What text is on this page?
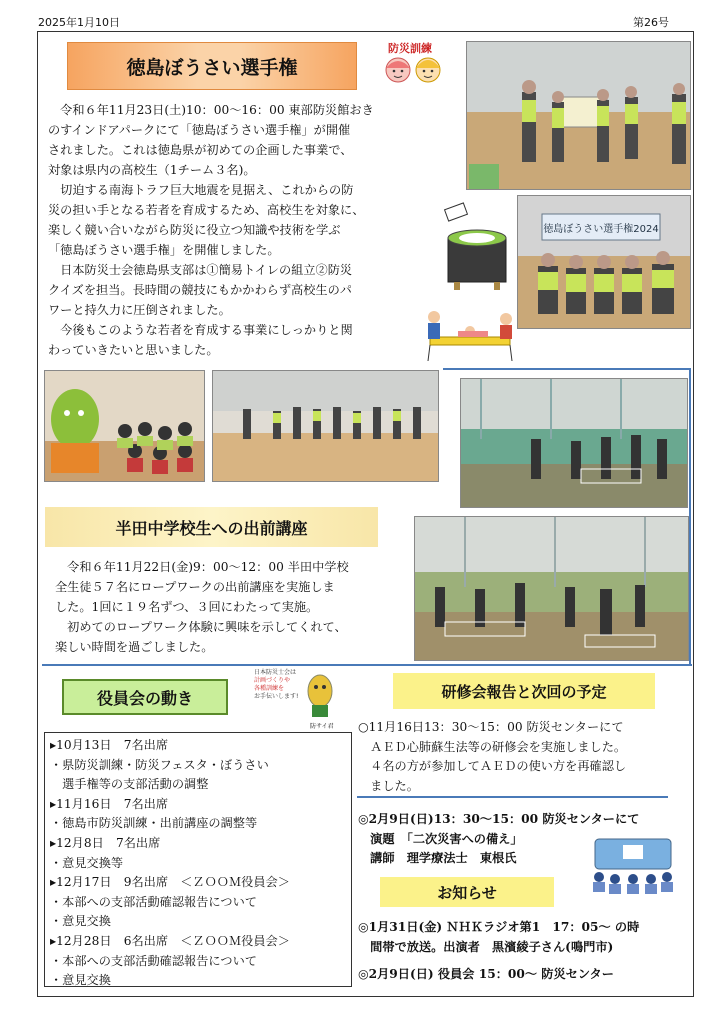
2025年1月10日	第26号
徳島ぼうさい選手権
防災訓練

　令和６年11月23日(土)10：00～16：00 東部防災館おき

のすインドアパークにて「徳島ぼうさい選手権」が開催

されました。これは徳島県が初めての企画した事業で、

対象は県内の高校生（1チーム３名)。

　切迫する南海トラフ巨大地震を見据え、これからの防

災の担い手となる若者を育成するため、高校生を対象に、

楽しく競い合いながら防災に役立つ知識や技術を学ぶ

「徳島ぼうさい選手権」を開催しました。

　日本防災士会徳島県支部は①簡易トイレの組立②防災

クイズを担当。長時間の競技にもかかわらず高校生のパ

ワーと持久力に圧倒されました。

　今後もこのような若者を育成する事業にしっかりと関

わっていきたいと思いました。

徳島ぼうさい選手権2024
半田中学校生への出前講座

　令和６年11月22日(金)9：00～12：00 半田中学校

全生徒５７名にロープワークの出前講座を実施しま

した。1回に１９名ずつ、３回にわたって実施。

　初めてのロープワーク体験に興味を示してくれて、

楽しい時間を過ごしました。

役員会の動き
日本防災士会は
計画づくりや
各種訓練を
お手伝いします!
防サイ君
▸10月13日　7名出席
・県防災訓練・防災フェスタ・ぼうさい
　選手権等の支部活動の調整
▸11月16日　7名出席
・徳島市防災訓練・出前講座の調整等
▸12月8日　7名出席
・意見交換等
▸12月17日　9名出席　＜ＺＯＯＭ役員会＞
・本部への支部活動確認報告について
・意見交換
▸12月28日　6名出席　＜ＺＯＯＭ役員会＞
・本部への支部活動確認報告について
・意見交換
研修会報告と次回の予定
○11月16日13：30～15：00 防災センターにて
　ＡＥＤ心肺蘇生法等の研修会を実施しました。
　４名の方が参加してＡＥＤの使い方を再確認し
　ました。
◎2月9日(日)13：30～15：00 防災センターにて
　演題　「二次災害への備え」
　講師　理学療法士　東根氏
お知らせ
◎1月31日(金) ＮＨＫラジオ第1　17：05～ の時
　間帯で放送。出演者　黒濱綾子さん(鳴門市)
◎2月9日(日) 役員会 15：00～ 防災センター
